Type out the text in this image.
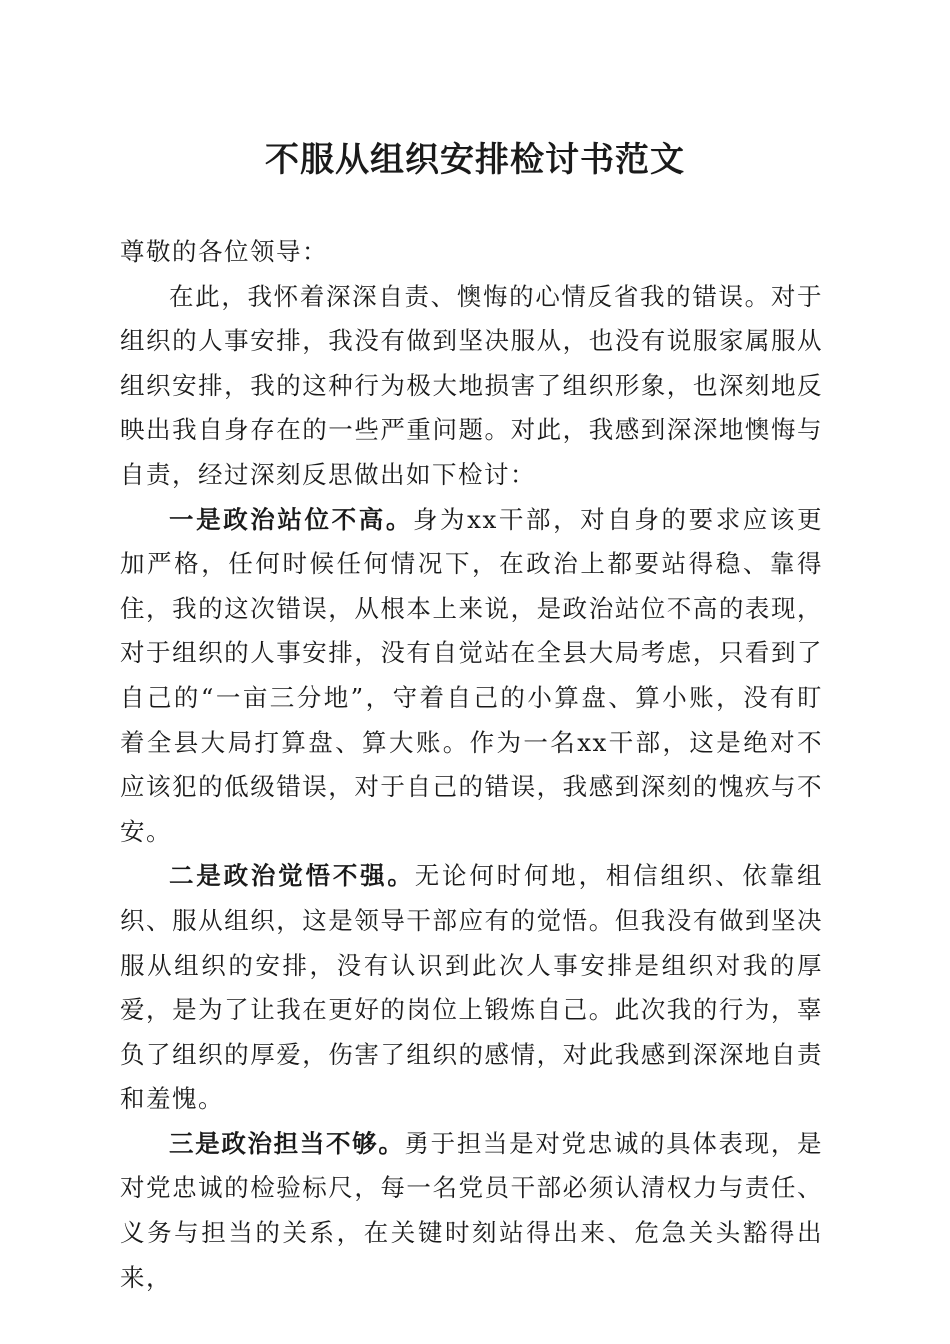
不服从组织安排检讨书范文

尊敬的各位领导：

在此，我怀着深深自责、懊悔的心情反省我的错误。对于组织的人事安排，我没有做到坚决服从，也没有说服家属服从组织安排，我的这种行为极大地损害了组织形象，也深刻地反映出我自身存在的一些严重问题。对此，我感到深深地懊悔与自责，经过深刻反思做出如下检讨：

一是政治站位不高。身为xx干部，对自身的要求应该更加严格，任何时候任何情况下，在政治上都要站得稳、靠得住，我的这次错误，从根本上来说，是政治站位不高的表现，对于组织的人事安排，没有自觉站在全县大局考虑，只看到了自己的“一亩三分地”，守着自己的小算盘、算小账，没有盯着全县大局打算盘、算大账。作为一名xx干部，这是绝对不应该犯的低级错误，对于自己的错误，我感到深刻的愧疚与不安。

二是政治觉悟不强。无论何时何地，相信组织、依靠组织、服从组织，这是领导干部应有的觉悟。但我没有做到坚决服从组织的安排，没有认识到此次人事安排是组织对我的厚爱，是为了让我在更好的岗位上锻炼自己。此次我的行为，辜负了组织的厚爱，伤害了组织的感情，对此我感到深深地自责和羞愧。

三是政治担当不够。勇于担当是对党忠诚的具体表现，是对党忠诚的检验标尺，每一名党员干部必须认清权力与责任、义务与担当的关系，在关键时刻站得出来、危急关头豁得出来，
